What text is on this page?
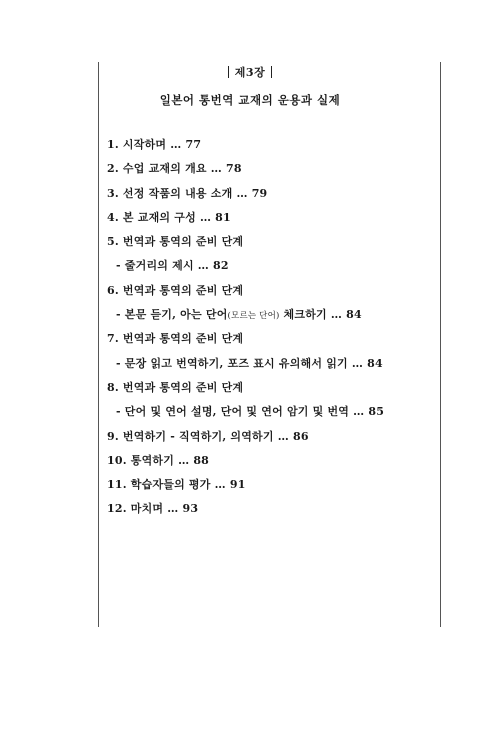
제3장
일본어 통번역 교재의 운용과 실제
1. 시작하며 … 77
2. 수업 교재의 개요 … 78
3. 선정 작품의 내용 소개 … 79
4. 본 교재의 구성 … 81
5. 번역과 통역의 준비 단계
- 줄거리의 제시 … 82
6. 번역과 통역의 준비 단계
- 본문 듣기, 아는 단어(모르는 단어) 체크하기 … 84
7. 번역과 통역의 준비 단계
- 문장 읽고 번역하기, 포즈 표시 유의해서 읽기 … 84
8. 번역과 통역의 준비 단계
- 단어 및 연어 설명, 단어 및 연어 암기 및 번역 … 85
9. 번역하기 - 직역하기, 의역하기 … 86
10. 통역하기 … 88
11. 학습자들의 평가 … 91
12. 마치며 … 93
